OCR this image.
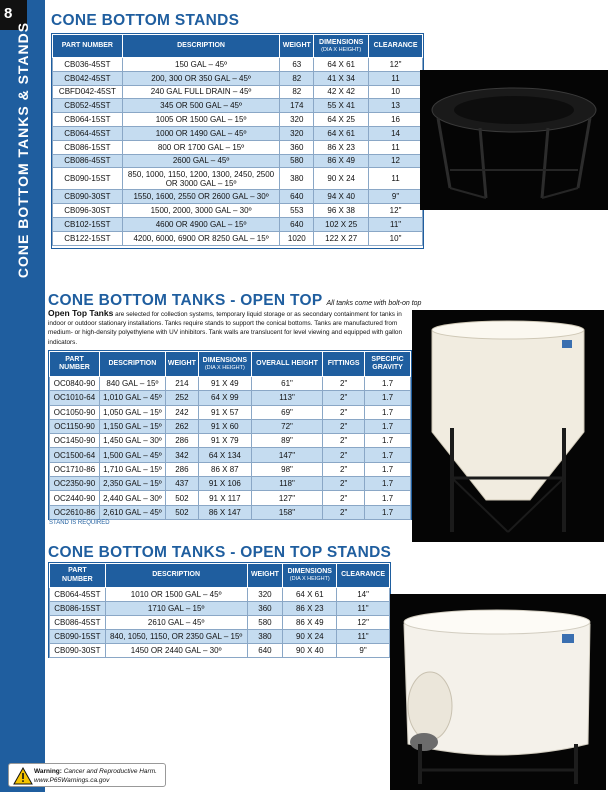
8
CONE BOTTOM TANKS & STANDS
CONE BOTTOM STANDS
PART NUMBER	DESCRIPTION	WEIGHT	DIMENSIONS
(DIA X HEIGHT)	CLEARANCE
CB036-45ST	150 GAL – 45º	63	64 X 61	12"
CB042-45ST	200, 300 OR 350 GAL – 45º	82	41 X 34	11
CBFD042-45ST	240 GAL FULL DRAIN – 45º	82	42 X 42	10
CB052-45ST	345 OR 500 GAL – 45º	174	55 X 41	13
CB064-15ST	1005 OR 1500 GAL – 15º	320	64 X 25	16
CB064-45ST	1000 OR 1490 GAL – 45º	320	64 X 61	14
CB086-15ST	800 OR 1700 GAL – 15º	360	86 X 23	11
CB086-45ST	2600 GAL – 45º	580	86 X 49	12
CB090-15ST	850, 1000, 1150, 1200, 1300, 2450, 2500 OR 3000 GAL – 15º	380	90 X 24	11
CB090-30ST	1550, 1600, 2550 OR 2600 GAL – 30º	640	94 X 40	9"
CB096-30ST	1500, 2000, 3000 GAL – 30º	553	96 X 38	12"
CB102-15ST	4600 OR 4900 GAL – 15º	640	102 X 25	11"
CB122-15ST	4200, 6000, 6900 OR 8250 GAL – 15º	1020	122 X 27	10"
CONE BOTTOM TANKS - OPEN TOP All tanks come with bolt-on top
Open Top Tanks are selected for collection systems, temporary liquid storage or as secondary containment for tanks in indoor or outdoor stationary installations. Tanks require stands to support the conical bottoms. Tanks are manufactured from medium- or high-density polyethylene with UV inhibitors. Tank walls are translucent for level viewing and equipped with gallon indicators.
PART NUMBER	DESCRIPTION	WEIGHT	DIMENSIONS
(DIA X HEIGHT)	OVERALL HEIGHT	FITTINGS	SPECIFIC GRAVITY
OC0840-90	840 GAL – 15º	214	91 X 49	61"	2"	1.7
OC1010-64	1,010 GAL – 45º	252	64 X 99	113"	2"	1.7
OC1050-90	1,050 GAL – 15º	242	91 X 57	69"	2"	1.7
OC1150-90	1,150 GAL – 15º	262	91 X 60	72"	2"	1.7
OC1450-90	1,450 GAL – 30º	286	91 X 79	89"	2"	1.7
OC1500-64	1,500 GAL – 45º	342	64 X 134	147"	2"	1.7
OC1710-86	1,710 GAL – 15º	286	86 X 87	98"	2"	1.7
OC2350-90	2,350 GAL – 15º	437	91 X 106	118"	2"	1.7
OC2440-90	2,440 GAL – 30º	502	91 X 117	127"	2"	1.7
OC2610-86	2,610 GAL – 45º	502	86 X 147	158"	2"	1.7
STAND IS REQUIRED
CONE BOTTOM TANKS - OPEN TOP STANDS
PART NUMBER	DESCRIPTION	WEIGHT	DIMENSIONS
(DIA X HEIGHT)	CLEARANCE
CB064-45ST	1010 OR 1500 GAL – 45º	320	64 X 61	14"
CB086-15ST	1710 GAL – 15º	360	86 X 23	11"
CB086-45ST	2610 GAL – 45º	580	86 X 49	12"
CB090-15ST	840, 1050, 1150, OR 2350 GAL – 15º	380	90 X 24	11"
CB090-30ST	1450 OR 2440 GAL – 30º	640	90 X 40	9"
Warning: Cancer and Reproductive Harm.
www.P65Warnings.ca.gov
